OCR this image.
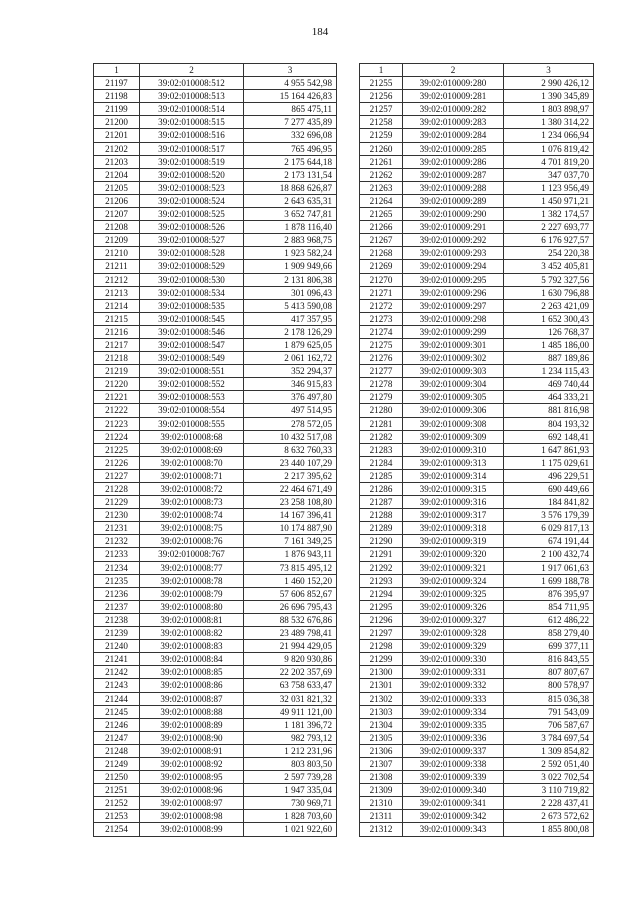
184
1	2	3
21197	39:02:010008:512	4 955 542,98
21198	39:02:010008:513	15 164 426,83
21199	39:02:010008:514	865 475,11
21200	39:02:010008:515	7 277 435,89
21201	39:02:010008:516	332 696,08
21202	39:02:010008:517	765 496,95
21203	39:02:010008:519	2 175 644,18
21204	39:02:010008:520	2 173 131,54
21205	39:02:010008:523	18 868 626,87
21206	39:02:010008:524	2 643 635,31
21207	39:02:010008:525	3 652 747,81
21208	39:02:010008:526	1 878 116,40
21209	39:02:010008:527	2 883 968,75
21210	39:02:010008:528	1 923 582,24
21211	39:02:010008:529	1 909 949,66
21212	39:02:010008:530	2 131 806,38
21213	39:02:010008:534	301 096,43
21214	39:02:010008:535	5 413 590,08
21215	39:02:010008:545	417 357,95
21216	39:02:010008:546	2 178 126,29
21217	39:02:010008:547	1 879 625,05
21218	39:02:010008:549	2 061 162,72
21219	39:02:010008:551	352 294,37
21220	39:02:010008:552	346 915,83
21221	39:02:010008:553	376 497,80
21222	39:02:010008:554	497 514,95
21223	39:02:010008:555	278 572,05
21224	39:02:010008:68	10 432 517,08
21225	39:02:010008:69	8 632 760,33
21226	39:02:010008:70	23 440 107,29
21227	39:02:010008:71	2 217 395,62
21228	39:02:010008:72	22 464 671,49
21229	39:02:010008:73	23 258 108,80
21230	39:02:010008:74	14 167 396,41
21231	39:02:010008:75	10 174 887,90
21232	39:02:010008:76	7 161 349,25
21233	39:02:010008:767	1 876 943,11
21234	39:02:010008:77	73 815 495,12
21235	39:02:010008:78	1 460 152,20
21236	39:02:010008:79	57 606 852,67
21237	39:02:010008:80	26 696 795,43
21238	39:02:010008:81	88 532 676,86
21239	39:02:010008:82	23 489 798,41
21240	39:02:010008:83	21 994 429,05
21241	39:02:010008:84	9 820 930,86
21242	39:02:010008:85	22 202 357,69
21243	39:02:010008:86	63 758 633,47
21244	39:02:010008:87	32 031 821,32
21245	39:02:010008:88	49 911 121,00
21246	39:02:010008:89	1 181 396,72
21247	39:02:010008:90	982 793,12
21248	39:02:010008:91	1 212 231,96
21249	39:02:010008:92	803 803,50
21250	39:02:010008:95	2 597 739,28
21251	39:02:010008:96	1 947 335,04
21252	39:02:010008:97	730 969,71
21253	39:02:010008:98	1 828 703,60
21254	39:02:010008:99	1 021 922,60
1	2	3
21255	39:02:010009:280	2 990 426,12
21256	39:02:010009:281	1 390 345,89
21257	39:02:010009:282	1 803 898,97
21258	39:02:010009:283	1 380 314,22
21259	39:02:010009:284	1 234 066,94
21260	39:02:010009:285	1 076 819,42
21261	39:02:010009:286	4 701 819,20
21262	39:02:010009:287	347 037,70
21263	39:02:010009:288	1 123 956,49
21264	39:02:010009:289	1 450 971,21
21265	39:02:010009:290	1 382 174,57
21266	39:02:010009:291	2 227 693,77
21267	39:02:010009:292	6 176 927,57
21268	39:02:010009:293	254 220,38
21269	39:02:010009:294	3 452 405,81
21270	39:02:010009:295	5 792 327,56
21271	39:02:010009:296	1 630 796,88
21272	39:02:010009:297	2 263 421,09
21273	39:02:010009:298	1 652 300,43
21274	39:02:010009:299	126 768,37
21275	39:02:010009:301	1 485 186,00
21276	39:02:010009:302	887 189,86
21277	39:02:010009:303	1 234 115,43
21278	39:02:010009:304	469 740,44
21279	39:02:010009:305	464 333,21
21280	39:02:010009:306	881 816,98
21281	39:02:010009:308	804 193,32
21282	39:02:010009:309	692 148,41
21283	39:02:010009:310	1 647 861,93
21284	39:02:010009:313	1 175 029,61
21285	39:02:010009:314	496 229,51
21286	39:02:010009:315	690 449,66
21287	39:02:010009:316	184 841,82
21288	39:02:010009:317	3 576 179,39
21289	39:02:010009:318	6 029 817,13
21290	39:02:010009:319	674 191,44
21291	39:02:010009:320	2 100 432,74
21292	39:02:010009:321	1 917 061,63
21293	39:02:010009:324	1 699 188,78
21294	39:02:010009:325	876 395,97
21295	39:02:010009:326	854 711,95
21296	39:02:010009:327	612 486,22
21297	39:02:010009:328	858 279,40
21298	39:02:010009:329	699 377,11
21299	39:02:010009:330	816 843,55
21300	39:02:010009:331	807 807,67
21301	39:02:010009:332	800 578,97
21302	39:02:010009:333	815 036,38
21303	39:02:010009:334	791 543,09
21304	39:02:010009:335	706 587,67
21305	39:02:010009:336	3 784 697,54
21306	39:02:010009:337	1 309 854,82
21307	39:02:010009:338	2 592 051,40
21308	39:02:010009:339	3 022 702,54
21309	39:02:010009:340	3 110 719,82
21310	39:02:010009:341	2 228 437,41
21311	39:02:010009:342	2 673 572,62
21312	39:02:010009:343	1 855 800,08
